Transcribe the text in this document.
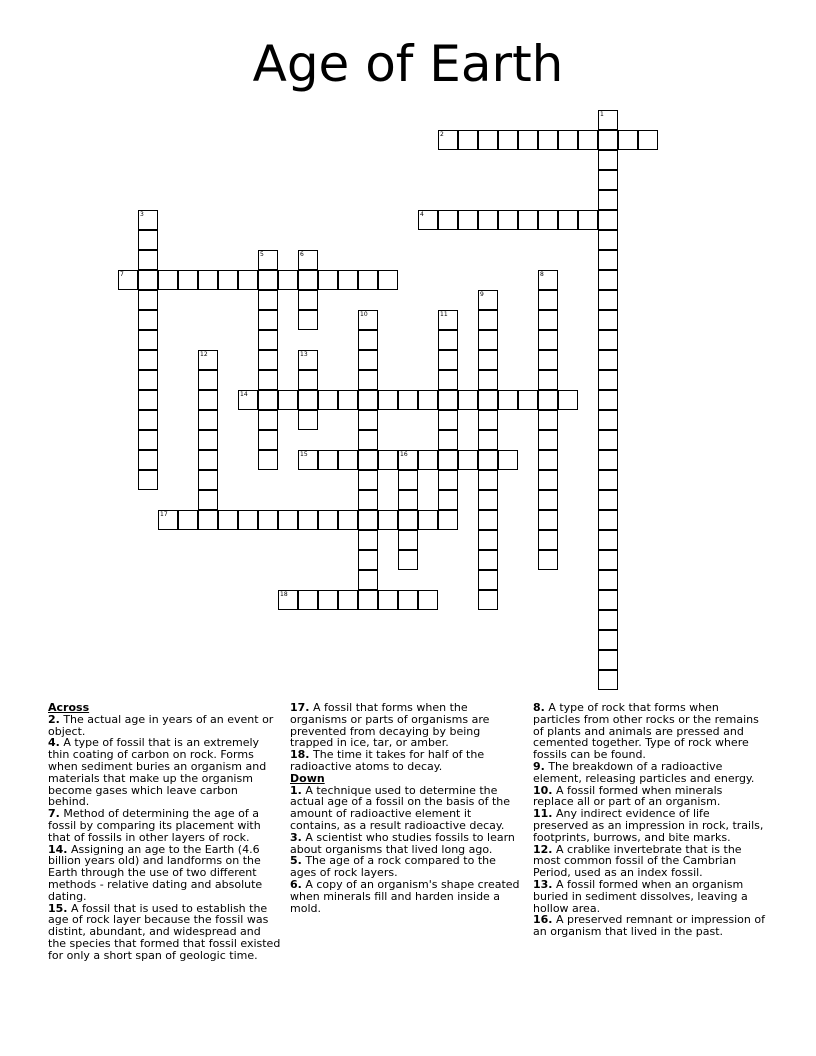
Age of Earth
1
2
3	4
5	6
7	8
9
10	11
12	13
14
15	16
17
18

Across

2. The actual age in years of an event or object.

4. A type of fossil that is an extremely thin coating of carbon on rock. Forms when sediment buries an organism and materials that make up the organism become gases which leave carbon behind.

7. Method of determining the age of a fossil by comparing its placement with that of fossils in other layers of rock.

14. Assigning an age to the Earth (4.6 billion years old) and landforms on the Earth through the use of two different methods - relative dating and absolute dating.

15. A fossil that is used to establish the age of rock layer because the fossil was distint, abundant, and widespread and the species that formed that fossil existed for only a short span of geologic time.

17. A fossil that forms when the organisms or parts of organisms are prevented from decaying by being trapped in ice, tar, or amber.

18. The time it takes for half of the radioactive atoms to decay.

Down

1. A technique used to determine the actual age of a fossil on the basis of the amount of radioactive element it contains, as a result radioactive decay.

3. A scientist who studies fossils to learn about organisms that lived long ago.

5. The age of a rock compared to the ages of rock layers.

6. A copy of an organism's shape created when minerals fill and harden inside a mold.

8. A type of rock that forms when particles from other rocks or the remains of plants and animals are pressed and cemented together. Type of rock where fossils can be found.

9. The breakdown of a radioactive element, releasing particles and energy.

10. A fossil formed when minerals replace all or part of an organism.

11. Any indirect evidence of life preserved as an impression in rock, trails, footprints, burrows, and bite marks.

12. A crablike invertebrate that is the most common fossil of the Cambrian Period, used as an index fossil.

13. A fossil formed when an organism buried in sediment dissolves, leaving a hollow area.

16. A preserved remnant or impression of an organism that lived in the past.
